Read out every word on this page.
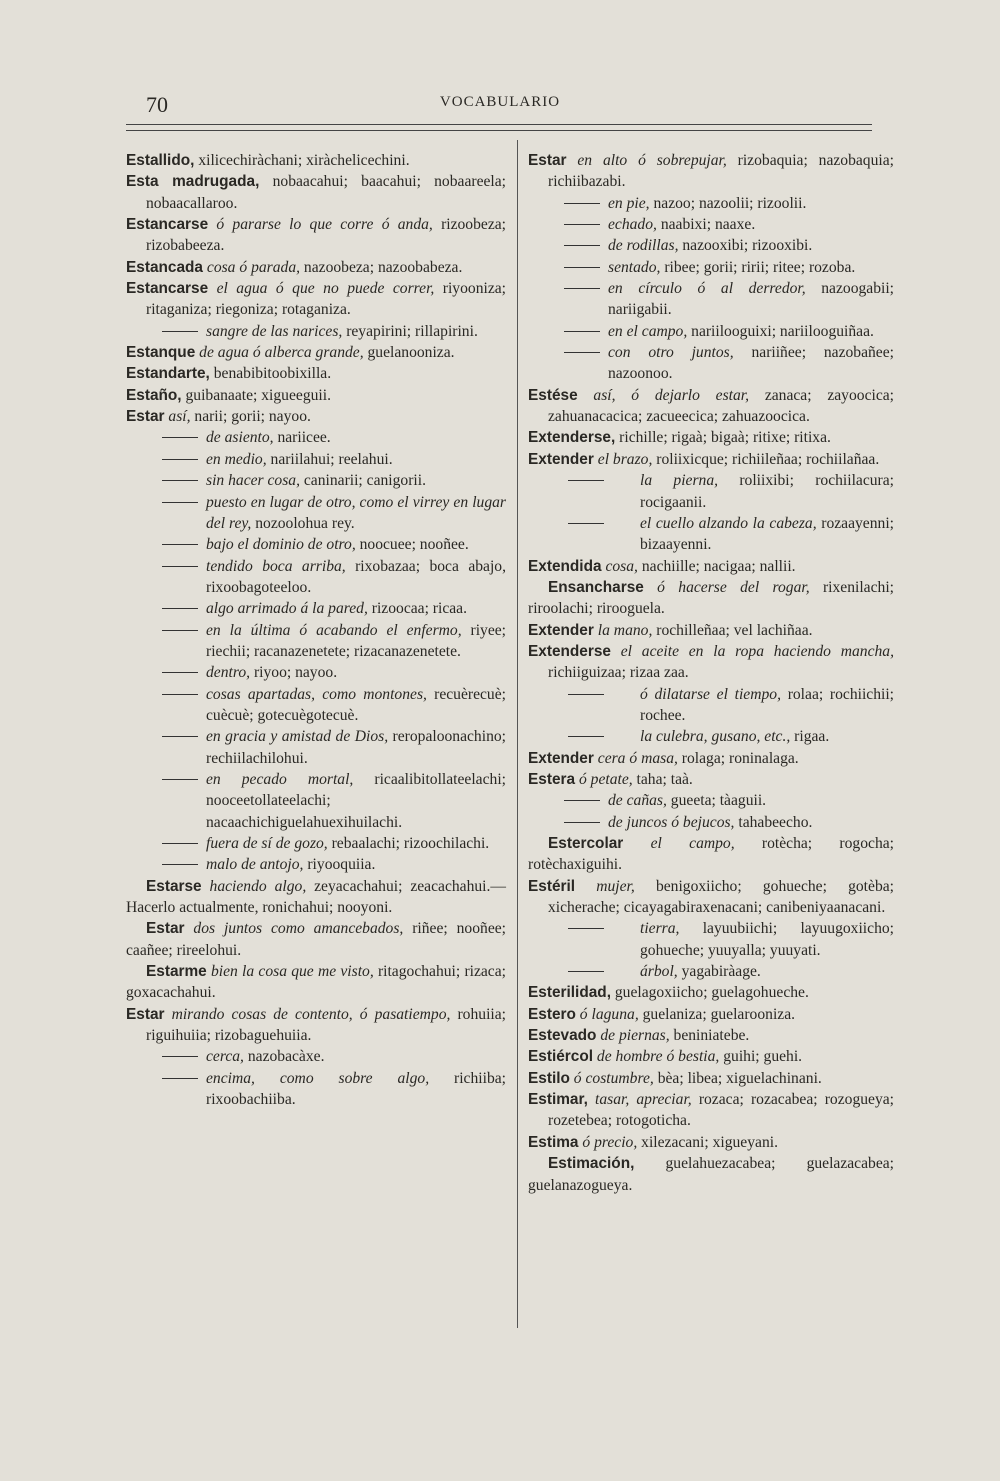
70	VOCABULARIO

Estallido, xilicechiràchani; xiràchelicechini.

Esta madrugada, nobaacahui; baacahui; nobaareela; nobaacallaroo.

Estancarse ó pararse lo que corre ó anda, rizoobeza; rizobabeeza.

Estancada cosa ó parada, nazoobeza; nazoobabeza.

Estancarse el agua ó que no puede correr, riyooniza; ritaganiza; riegoniza; rotaganiza.

sangre de las narices, reyapirini; rillapirini.

Estanque de agua ó alberca grande, guelanooniza.

Estandarte, benabibitoobixilla.

Estaño, guibanaate; xigueeguii.

Estar así, narii; gorii; nayoo.

de asiento, nariicee.

en medio, nariilahui; reelahui.

sin hacer cosa, caninarii; canigorii.

puesto en lugar de otro, como el virrey en lugar del rey, nozoolohua rey.

bajo el dominio de otro, noocuee; nooñee.

tendido boca arriba, rixobazaa; boca abajo, rixoobagoteeloo.

algo arrimado á la pared, rizoocaa; ricaa.

en la última ó acabando el enfermo, riyee; riechii; racanazenetete; rizacanazenetete.

dentro, riyoo; nayoo.

cosas apartadas, como montones, recuèrecuè; cuècuè; gotecuègotecuè.

en gracia y amistad de Dios, reropaloonachino; rechiilachilohui.

en pecado mortal, ricaalibitollateelachi; nooceetollateelachi; nacaachichiguelahuexihuilachi.

fuera de sí de gozo, rebaalachi; rizoochilachi.

malo de antojo, riyooquiia.

Estarse haciendo algo, zeyacachahui; zeacachahui.—Hacerlo actualmente, ronichahui; nooyoni.

Estar dos juntos como amancebados, riñee; nooñee; caañee; rireelohui.

Estarme bien la cosa que me visto, ritagochahui; rizaca; goxacachahui.

Estar mirando cosas de contento, ó pasatiempo, rohuiia; riguihuiia; rizobaguehuiia.

cerca, nazobacàxe.

encima, como sobre algo, richiiba; rixoobachiiba.

Estar en alto ó sobrepujar, rizobaquia; nazobaquia; richiibazabi.

en pie, nazoo; nazoolii; rizoolii.

echado, naabixi; naaxe.

de rodillas, nazooxibi; rizooxibi.

sentado, ribee; gorii; ririi; ritee; rozoba.

en círculo ó al derredor, nazoogabii; nariigabii.

en el campo, nariilooguixi; nariilooguiñaa.

con otro juntos, nariiñee; nazobañee; nazoonoo.

Estése así, ó dejarlo estar, zanaca; zayoocica; zahuanacacica; zacueecica; zahuazoocica.

Extenderse, richille; rigaà; bigaà; ritixe; ritixa.

Extender el brazo, roliixicque; richiileñaa; rochiilañaa.

la pierna, roliixibi; rochiilacura; rocigaanii.

el cuello alzando la cabeza, rozaayenni; bizaayenni.

Extendida cosa, nachiille; nacigaa; nallii.

Ensancharse ó hacerse del rogar, rixenilachi; riroolachi; rirooguela.

Extender la mano, rochilleñaa; vel lachiñaa.

Extenderse el aceite en la ropa haciendo mancha, richiiguizaa; rizaa zaa.

ó dilatarse el tiempo, rolaa; rochiichii; rochee.

la culebra, gusano, etc., rigaa.

Extender cera ó masa, rolaga; roninalaga.

Estera ó petate, taha; taà.

de cañas, gueeta; tàaguii.

de juncos ó bejucos, tahabeecho.

Estercolar el campo, rotècha; rogocha; rotèchaxiguihi.

Estéril mujer, benigoxiicho; gohueche; gotèba; xicherache; cicayagabiraxenacani; canibeniyaanacani.

tierra, layuubiichi; layuugoxiicho; gohueche; yuuyalla; yuuyati.

árbol, yagabiràage.

Esterilidad, guelagoxiicho; guelagohueche.

Estero ó laguna, guelaniza; guelarooniza.

Estevado de piernas, beniniatebe.

Estiércol de hombre ó bestia, guihi; guehi.

Estilo ó costumbre, bèa; libea; xiguelachinani.

Estimar, tasar, apreciar, rozaca; rozacabea; rozogueya; rozetebea; rotogoticha.

Estima ó precio, xilezacani; xigueyani.

Estimación, guelahuezacabea; guelazacabea; guelanazogueya.
